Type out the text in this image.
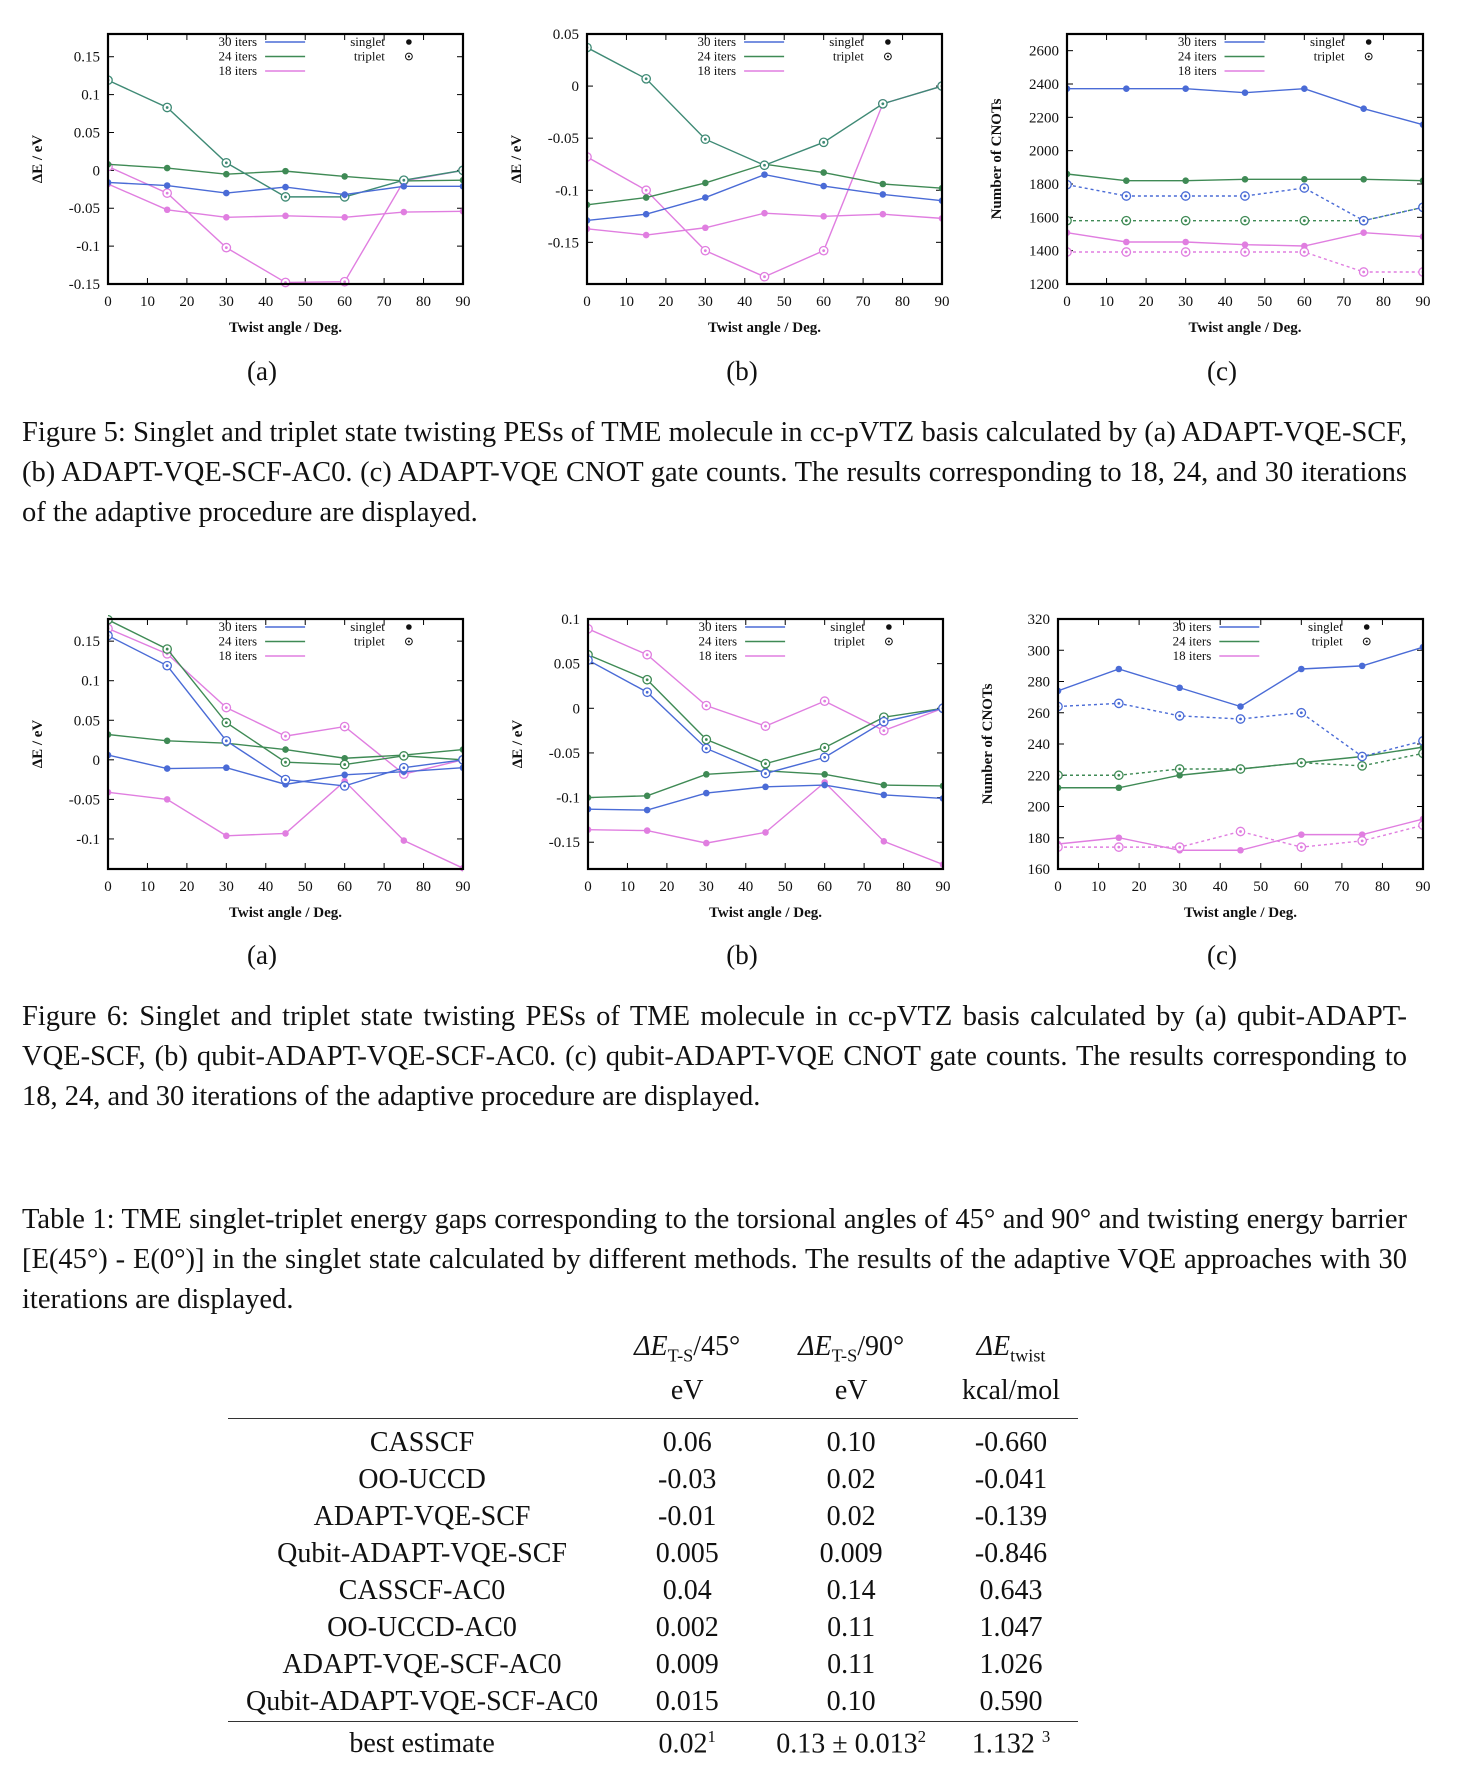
0 10 20 30 40 50 60 70 80 90
-0.15
-0.1
-0.05
0
0.05
0.1
0.15
Twist angle / Deg.
ΔE / eV
30 iters
24 iters
18 iters
singlet
triplet
0 10 20 30 40 50 60 70 80 90
-0.15
-0.1
-0.05
0
0.05
Twist angle / Deg.
ΔE / eV
30 iters
24 iters
18 iters
singlet
triplet
0 10 20 30 40 50 60 70 80 90
1200
1400
1600
1800
2000
2200
2400
2600
Twist angle / Deg.
Number of CNOTs
30 iters
24 iters
18 iters
singlet
triplet
(a)	(b)	(c)
Figure 5: Singlet and triplet state twisting PESs of TME molecule in cc-pVTZ basis calculated by (a) ADAPT-VQE-SCF, (b) ADAPT-VQE-SCF-AC0. (c) ADAPT-VQE CNOT gate counts. The results corresponding to 18, 24, and 30 iterations of the adaptive procedure are displayed.
0 10 20 30 40 50 60 70 80 90
-0.1
-0.05
0
0.05
0.1
0.15
Twist angle / Deg.
ΔE / eV
30 iters
24 iters
18 iters
singlet
triplet
0 10 20 30 40 50 60 70 80 90
-0.15
-0.1
-0.05
0
0.05
0.1
Twist angle / Deg.
ΔE / eV
30 iters
24 iters
18 iters
singlet
triplet
0 10 20 30 40 50 60 70 80 90
160
180
200
220
240
260
280
300
320
Twist angle / Deg.
Number of CNOTs
30 iters
24 iters
18 iters
singlet
triplet
(a)	(b)	(c)
Figure 6: Singlet and triplet state twisting PESs of TME molecule in cc-pVTZ basis calculated by (a) qubit-ADAPT-VQE-SCF, (b) qubit-ADAPT-VQE-SCF-AC0. (c) qubit-ADAPT-VQE CNOT gate counts. The results corresponding to 18, 24, and 30 iterations of the adaptive procedure are displayed.
Table 1: TME singlet-triplet energy gaps corresponding to the torsional angles of 45° and 90° and twisting energy barrier [E(45°) - E(0°)] in the singlet state calculated by different methods. The results of the adaptive VQE approaches with 30 iterations are displayed.
	$\Delta E_{T-S}/45^\circ$	$\Delta E_{T-S}/90^\circ$	$\Delta E_{twist}$
	eV	eV	kcal/mol
CASSCF	0.06	0.10	-0.660
OO-UCCD	-0.03	0.02	-0.041
ADAPT-VQE-SCF	-0.01	0.02	-0.139
Qubit-ADAPT-VQE-SCF	0.005	0.009	-0.846
CASSCF-AC0	0.04	0.14	0.643
OO-UCCD-AC0	0.002	0.11	1.047
ADAPT-VQE-SCF-AC0	0.009	0.11	1.026
Qubit-ADAPT-VQE-SCF-AC0	0.015	0.10	0.590
best estimate	0.02$^1$	$0.13 \pm 0.013^2$	1.132 $^3$
